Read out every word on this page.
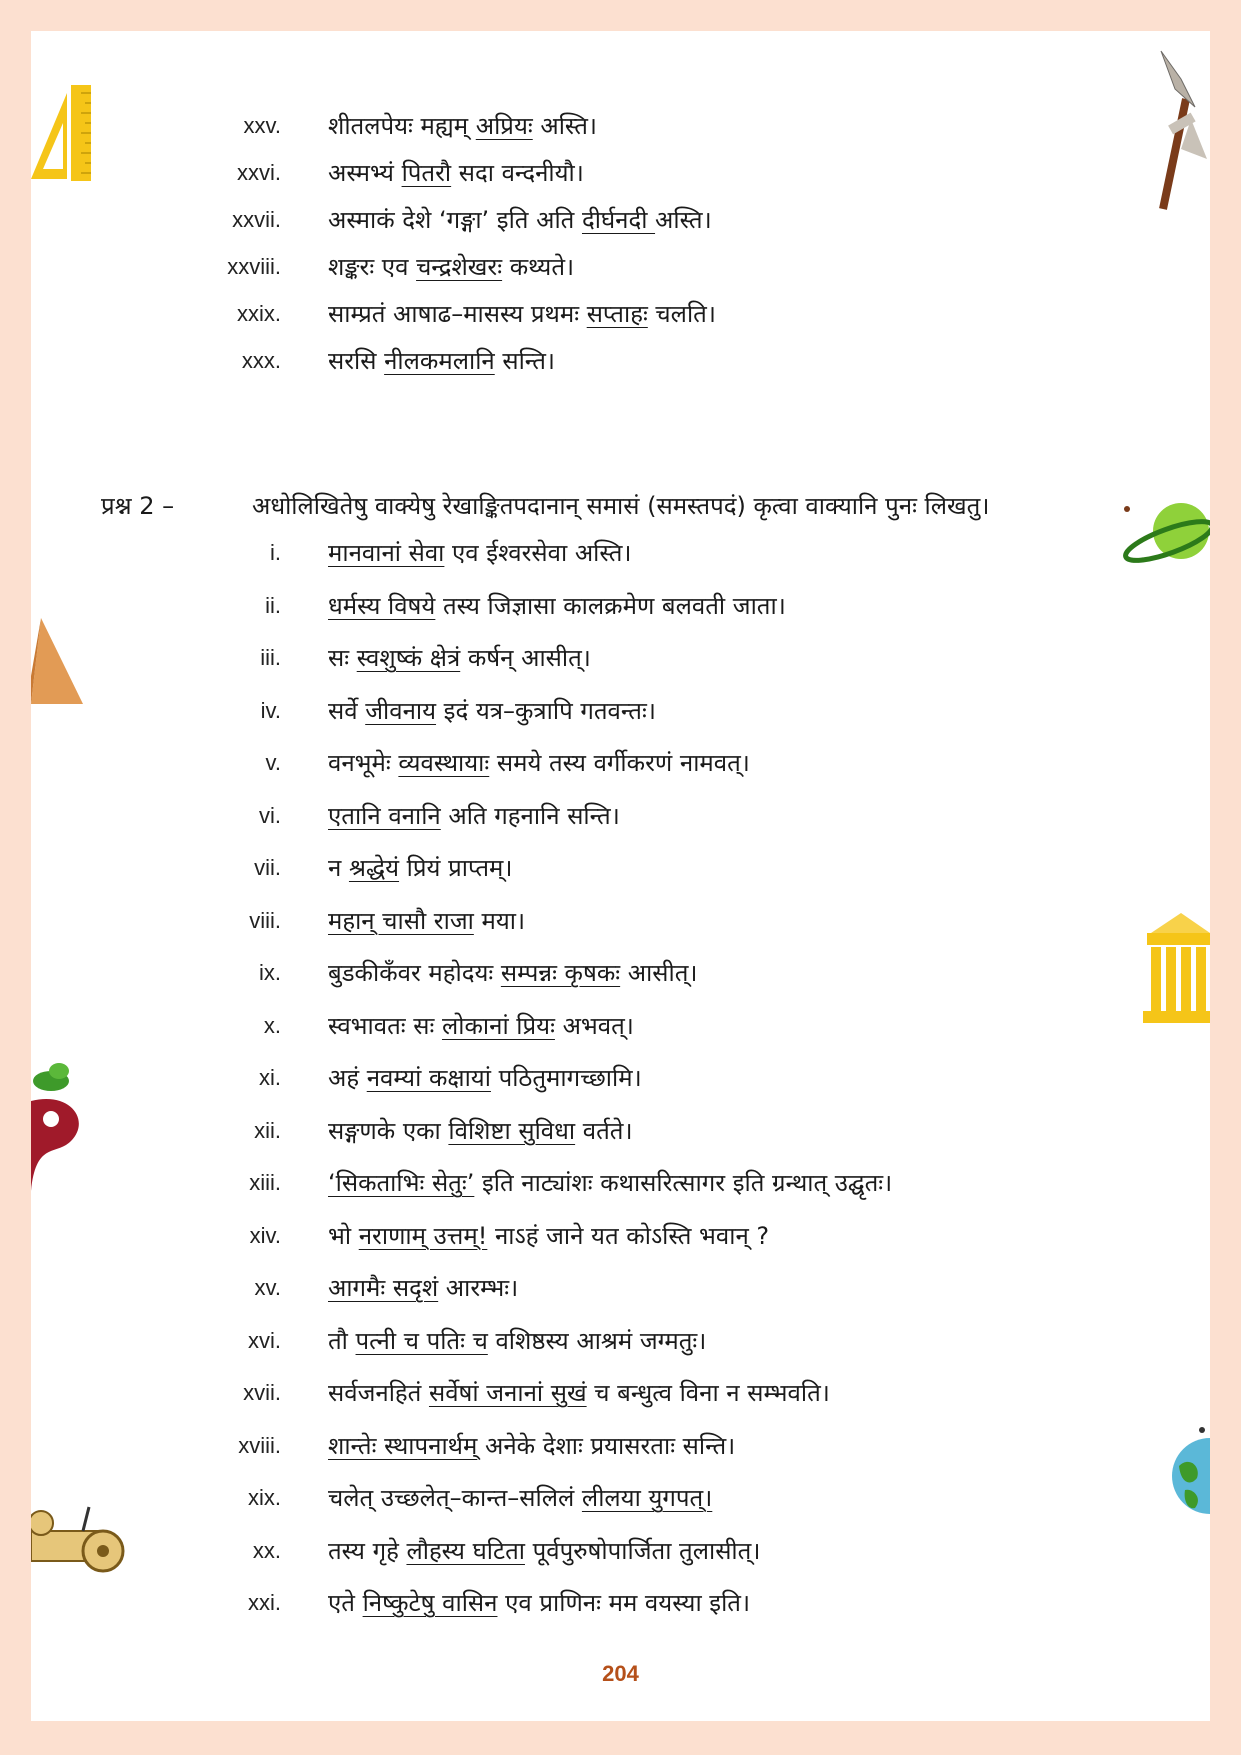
xxv. शीतलपेयः मह्यम् अप्रियः अस्ति।
xxvi. अस्मभ्यं पितरौ सदा वन्दनीयौ।
xxvii. अस्माकं देशे ‘गङ्गा’ इति अति दीर्घनदी अस्ति।
xxviii. शङ्करः एव चन्द्रशेखरः कथ्यते।
xxix. साम्प्रतं आषाढ–मासस्य प्रथमः सप्ताहः चलति।
xxx. सरसि नीलकमलानि सन्ति।
प्रश्न 2 –	अधोलिखितेषु वाक्येषु रेखाङ्कितपदानान् समासं (समस्तपदं) कृत्वा वाक्यानि पुनः लिखतु।
i. मानवानां सेवा एव ईश्वरसेवा अस्ति।
ii. धर्मस्य विषये तस्य जिज्ञासा कालक्रमेण बलवती जाता।
iii. सः स्वशुष्कं क्षेत्रं कर्षन् आसीत्।
iv. सर्वे जीवनाय इदं यत्र–कुत्रापि गतवन्तः।
v. वनभूमेः व्यवस्थायाः समये तस्य वर्गीकरणं नामवत्।
vi. एतानि वनानि अति गहनानि सन्ति।
vii. न श्रद्धेयं प्रियं प्राप्तम्।
viii. महान् चासौ राजा मया।
ix. बुडकीकँवर महोदयः सम्पन्नः कृषकः आसीत्।
x. स्वभावतः सः लोकानां प्रियः अभवत्।
xi. अहं नवम्यां कक्षायां पठितुमागच्छामि।
xii. सङ्गणके एका विशिष्टा सुविधा वर्तते।
xiii. ‘सिकताभिः सेतुः’ इति नाट्यांशः कथासरित्सागर इति ग्रन्थात् उद्घृतः।
xiv. भो नराणाम् उत्तम्! नाऽहं जाने यत कोऽस्ति भवान् ?
xv. आगमैः सदृशं आरम्भः।
xvi. तौ पत्नी च पतिः च वशिष्ठस्य आश्रमं जग्मतुः।
xvii. सर्वजनहितं सर्वेषां जनानां सुखं च बन्धुत्व विना न सम्भवति।
xviii. शान्तेः स्थापनार्थम् अनेके देशाः प्रयासरताः सन्ति।
xix. चलेत् उच्छलेत्–कान्त–सलिलं लीलया युगपत्।
xx. तस्य गृहे लौहस्य घटिता पूर्वपुरुषोपार्जिता तुलासीत्।
xxi. एते निष्कुटेषु वासिन एव प्राणिनः मम वयस्या इति।
204
